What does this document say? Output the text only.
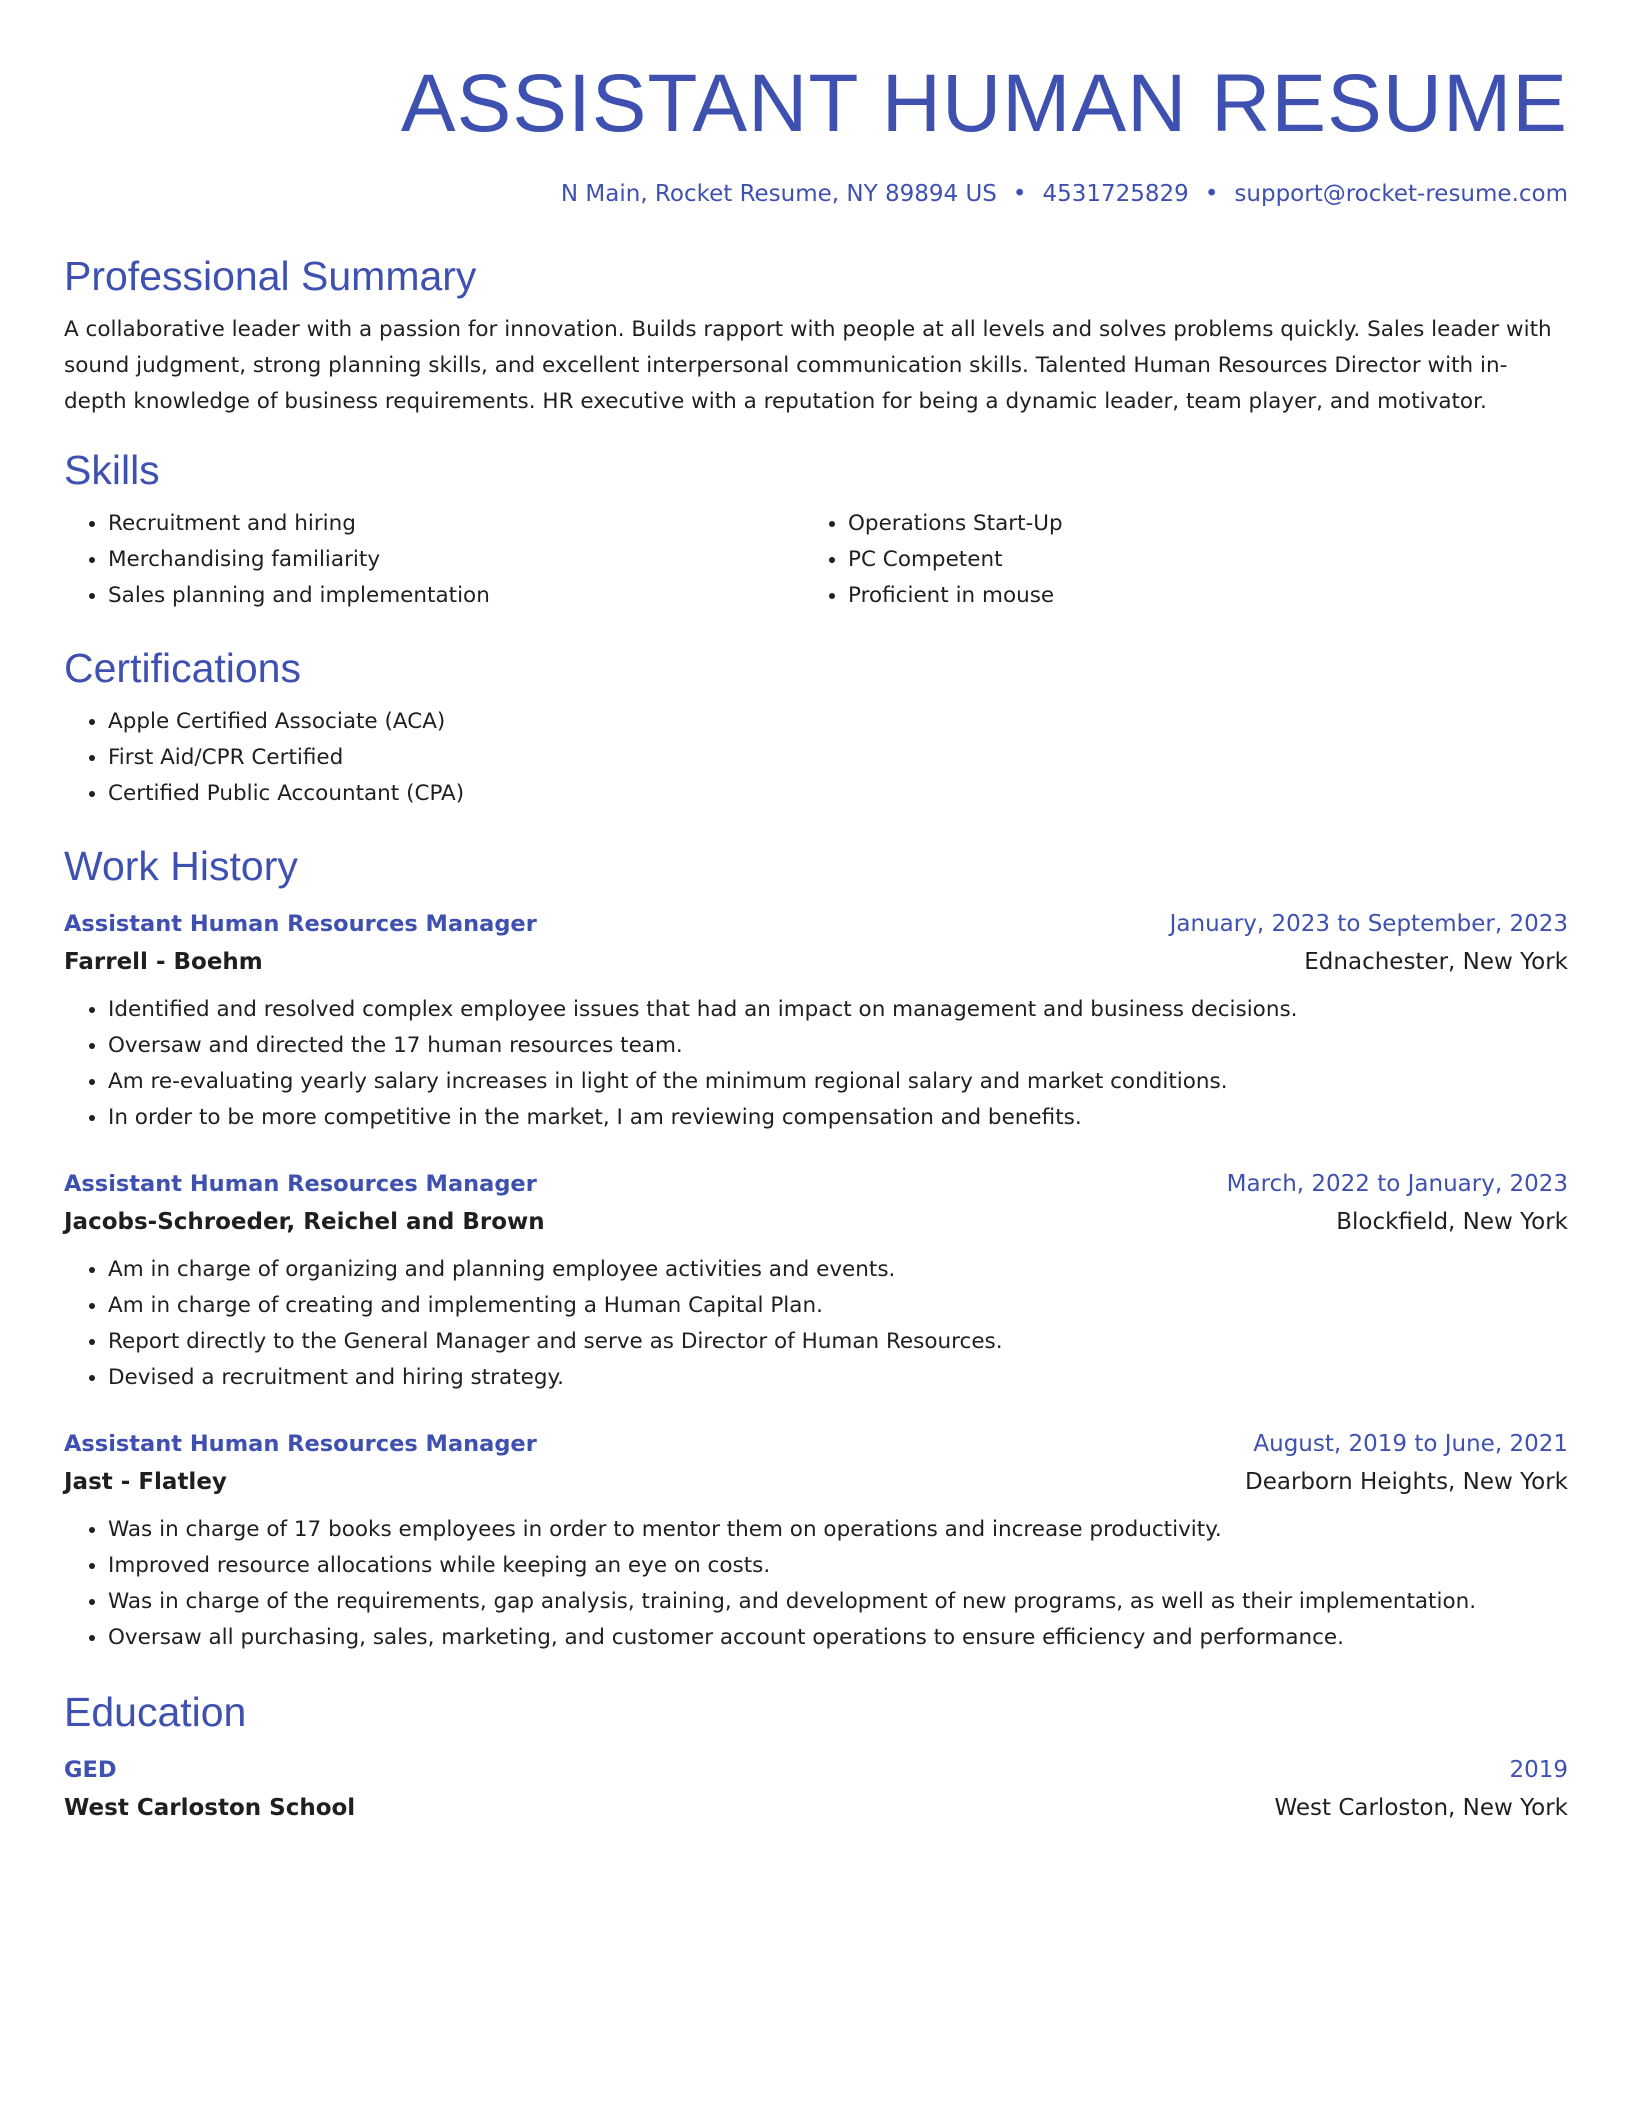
ASSISTANT HUMAN RESUME
N Main, Rocket Resume, NY 89894 US • 4531725829 • support@rocket-resume.com
Professional Summary

A collaborative leader with a passion for innovation. Builds rapport with people at all levels and solves problems quickly. Sales leader with sound judgment, strong planning skills, and excellent interpersonal communication skills. Talented Human Resources Director with in-depth knowledge of business requirements. HR executive with a reputation for being a dynamic leader, team player, and motivator.

Skills
• Recruitment and hiring
• Merchandising familiarity
• Sales planning and implementation
• Operations Start-Up
• PC Competent
• Proficient in mouse
Certifications
• Apple Certified Associate (ACA)
• First Aid/CPR Certified
• Certified Public Accountant (CPA)
Work History
Assistant Human Resources Manager	January, 2023 to September, 2023
Farrell - Boehm	Ednachester, New York
• Identified and resolved complex employee issues that had an impact on management and business decisions.
• Oversaw and directed the 17 human resources team.
• Am re-evaluating yearly salary increases in light of the minimum regional salary and market conditions.
• In order to be more competitive in the market, I am reviewing compensation and benefits.
Assistant Human Resources Manager	March, 2022 to January, 2023
Jacobs-Schroeder, Reichel and Brown	Blockfield, New York
• Am in charge of organizing and planning employee activities and events.
• Am in charge of creating and implementing a Human Capital Plan.
• Report directly to the General Manager and serve as Director of Human Resources.
• Devised a recruitment and hiring strategy.
Assistant Human Resources Manager	August, 2019 to June, 2021
Jast - Flatley	Dearborn Heights, New York
• Was in charge of 17 books employees in order to mentor them on operations and increase productivity.
• Improved resource allocations while keeping an eye on costs.
• Was in charge of the requirements, gap analysis, training, and development of new programs, as well as their implementation.
• Oversaw all purchasing, sales, marketing, and customer account operations to ensure efficiency and performance.
Education
GED	2019
West Carloston School	West Carloston, New York
